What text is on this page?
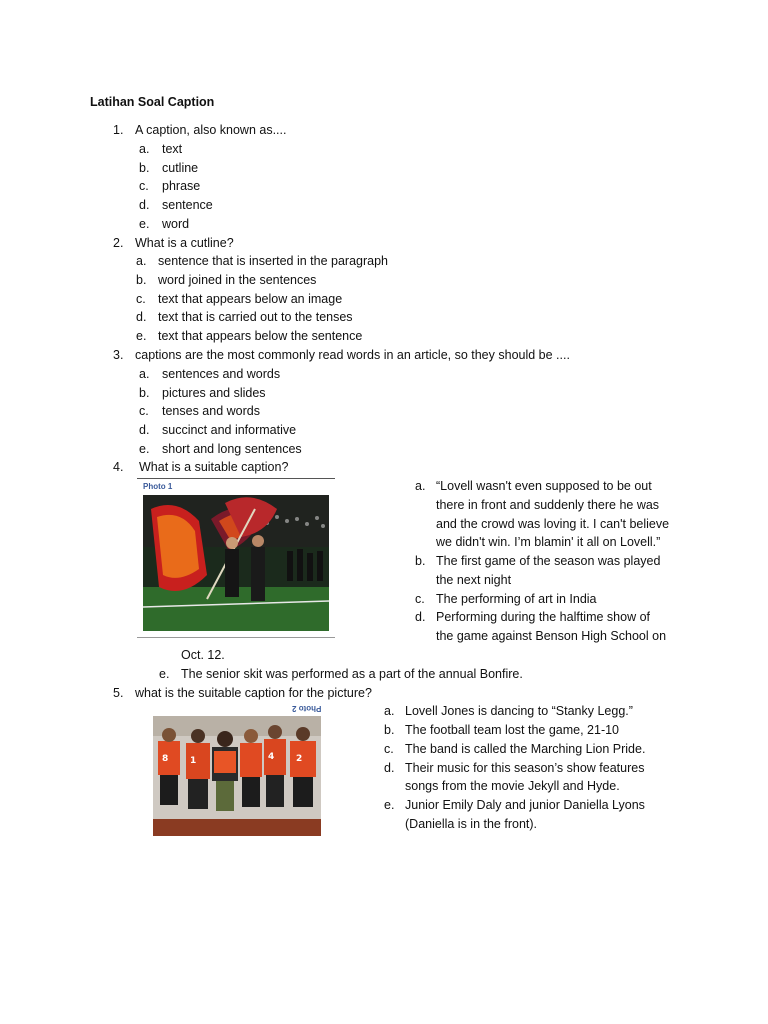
Latihan Soal Caption
1. A caption, also known as....
a. text
b. cutline
c. phrase
d. sentence
e. word
2. What is a cutline?
a. sentence that is inserted in the paragraph
b. word joined in the sentences
c. text that appears below an image
d. text that is carried out to the tenses
e. text that appears below the sentence
3. captions are the most commonly read words in an article, so they should be ....
a. sentences and words
b. pictures and slides
c. tenses and words
d. succinct and informative
e. short and long sentences
4. What is a suitable caption?
Photo 1	a. “Lovell wasn't even supposed to be out
there in front and suddenly there he was
and the crowd was loving it. I can't believe
we didn't win. I’m blamin' it all on Lovell.”
b. The first game of the season was played
the next night
c. The performing of art in India
d. Performing during the halftime show of
the game against Benson High School on
Oct. 12.
e. The senior skit was performed as a part of the annual Bonfire.
5. what is the suitable caption for the picture?
Photo 2
8 1	4 2
a. Lovell Jones is dancing to “Stanky Legg.”
b. The football team lost the game, 21-10
c. The band is called the Marching Lion Pride.
d. Their music for this season’s show features
songs from the movie Jekyll and Hyde.
e. Junior Emily Daly and junior Daniella Lyons
(Daniella is in the front).
